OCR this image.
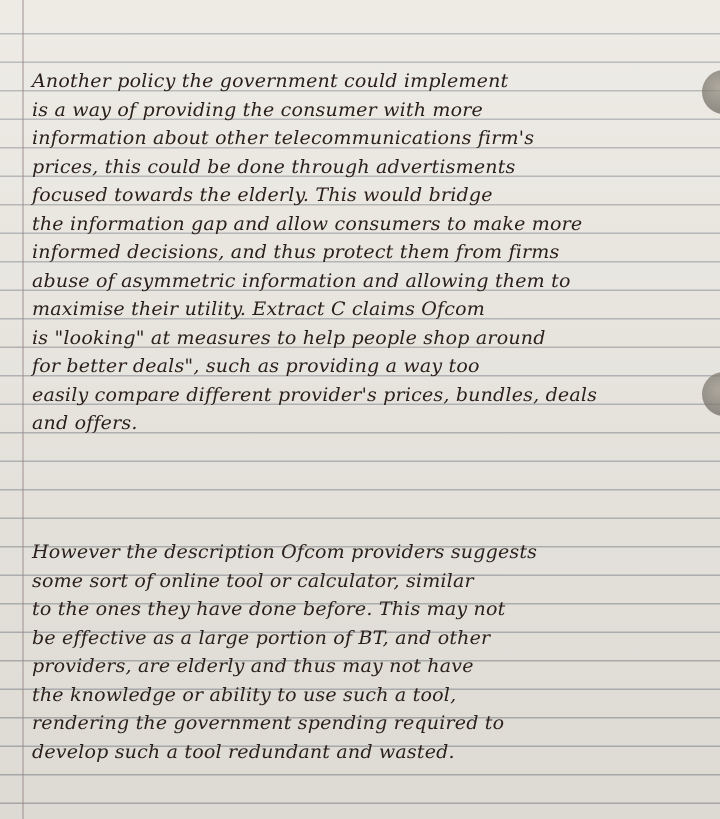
Another policy the government could implement
is a way of providing the consumer with more
information about other telecommunications firm's
prices, this could be done through advertisments
focused towards the elderly. This would bridge
the information gap and allow consumers to make more
informed decisions, and thus protect them from firms
abuse of asymmetric information and allowing them to
maximise their utility. Extract C claims Ofcom
is "looking" at measures to help people shop around
for better deals", such as providing a way too
easily compare different provider's prices, bundles, deals
and offers.
However the description Ofcom providers suggests
some sort of online tool or calculator, similar
to the ones they have done before. This may not
be effective as a large portion of BT, and other
providers, are elderly and thus may not have
the knowledge or ability to use such a tool,
rendering the government spending required to
develop such a tool redundant and wasted.
